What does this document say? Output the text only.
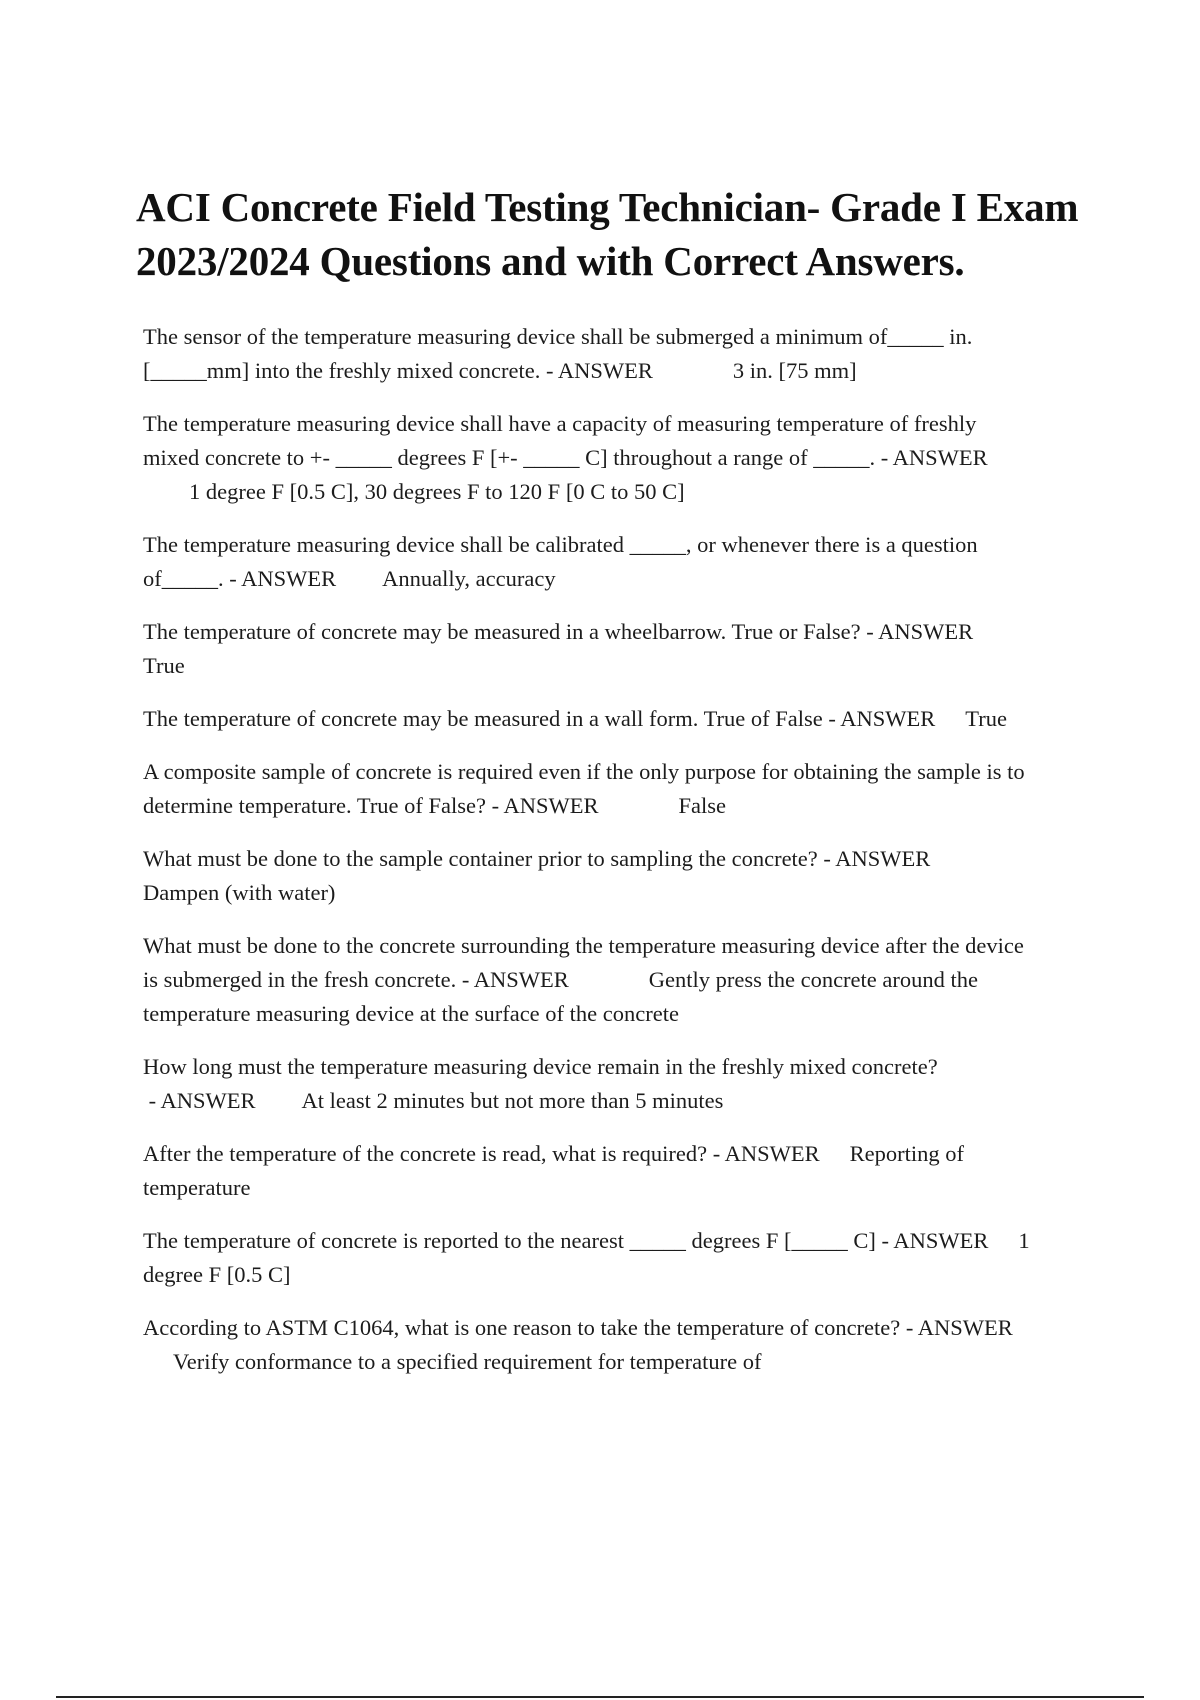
ACI Concrete Field Testing Technician- Grade I Exam 2023/2024 Questions and with Correct Answers.

The sensor of the temperature measuring device shall be submerged a minimum of_____ in. [_____mm] into the freshly mixed concrete. - ANSWER	3 in. [75 mm]

The temperature measuring device shall have a capacity of measuring temperature of freshly mixed concrete to +- _____ degrees F [+- _____ C] throughout a range of _____. - ANSWER1 degree F [0.5 C], 30 degrees F to 120 F [0 C to 50 C]

The temperature measuring device shall be calibrated _____, or whenever there is a question of_____. - ANSWER Annually, accuracy

The temperature of concrete may be measured in a wheelbarrow. True or False? - ANSWERTrue

The temperature of concrete may be measured in a wall form. True of False - ANSWER True

A composite sample of concrete is required even if the only purpose for obtaining the sample is to determine temperature. True of False? - ANSWER	False

What must be done to the sample container prior to sampling the concrete? - ANSWERDampen (with water)

What must be done to the concrete surrounding the temperature measuring device after the device is submerged in the fresh concrete. - ANSWER	Gently press the concrete around the temperature measuring device at the surface of the concrete

How long must the temperature measuring device remain in the freshly mixed concrete? - ANSWER At least 2 minutes but not more than 5 minutes

After the temperature of the concrete is read, what is required? - ANSWER Reporting of temperature

The temperature of concrete is reported to the nearest _____ degrees F [_____ C] - ANSWER 1 degree F [0.5 C]

According to ASTM C1064, what is one reason to take the temperature of concrete? - ANSWERVerify conformance to a specified requirement for temperature of
